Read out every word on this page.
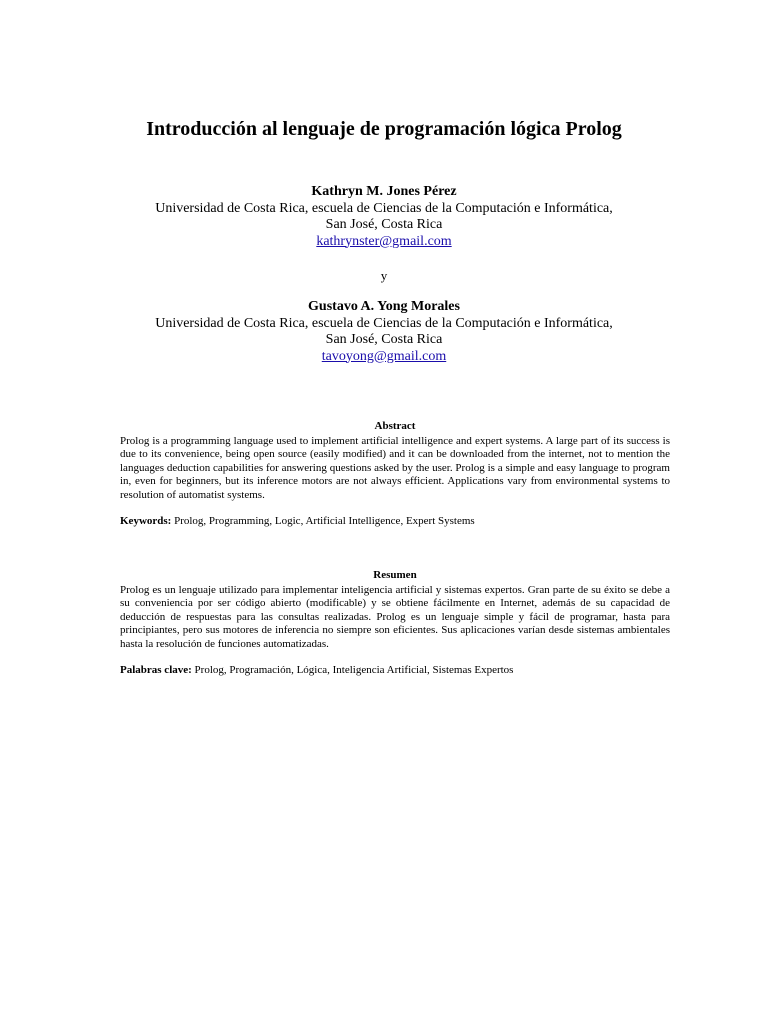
Introducción al lenguaje de programación lógica Prolog
Kathryn M. Jones Pérez
Universidad de Costa Rica, escuela de Ciencias de la Computación e Informática,
San José, Costa Rica
kathrynster@gmail.com
y
Gustavo A. Yong Morales
Universidad de Costa Rica, escuela de Ciencias de la Computación e Informática,
San José, Costa Rica
tavoyong@gmail.com
Abstract

Prolog is a programming language used to implement artificial intelligence and expert systems. A large part of its success is due to its convenience, being open source (easily modified) and it can be downloaded from the internet, not to mention the languages deduction capabilities for answering questions asked by the user. Prolog is a simple and easy language to program in, even for beginners, but its inference motors are not always efficient. Applications vary from environmental systems to resolution of automatist systems.

Keywords: Prolog, Programming, Logic, Artificial Intelligence, Expert Systems
Resumen

Prolog es un lenguaje utilizado para implementar inteligencia artificial y sistemas expertos. Gran parte de su éxito se debe a su conveniencia por ser código abierto (modificable) y se obtiene fácilmente en Internet, además de su capacidad de deducción de respuestas para las consultas realizadas. Prolog es un lenguaje simple y fácil de programar, hasta para principiantes, pero sus motores de inferencia no siempre son eficientes. Sus aplicaciones varían desde sistemas ambientales hasta la resolución de funciones automatizadas.

Palabras clave: Prolog, Programación, Lógica, Inteligencia Artificial, Sistemas Expertos
